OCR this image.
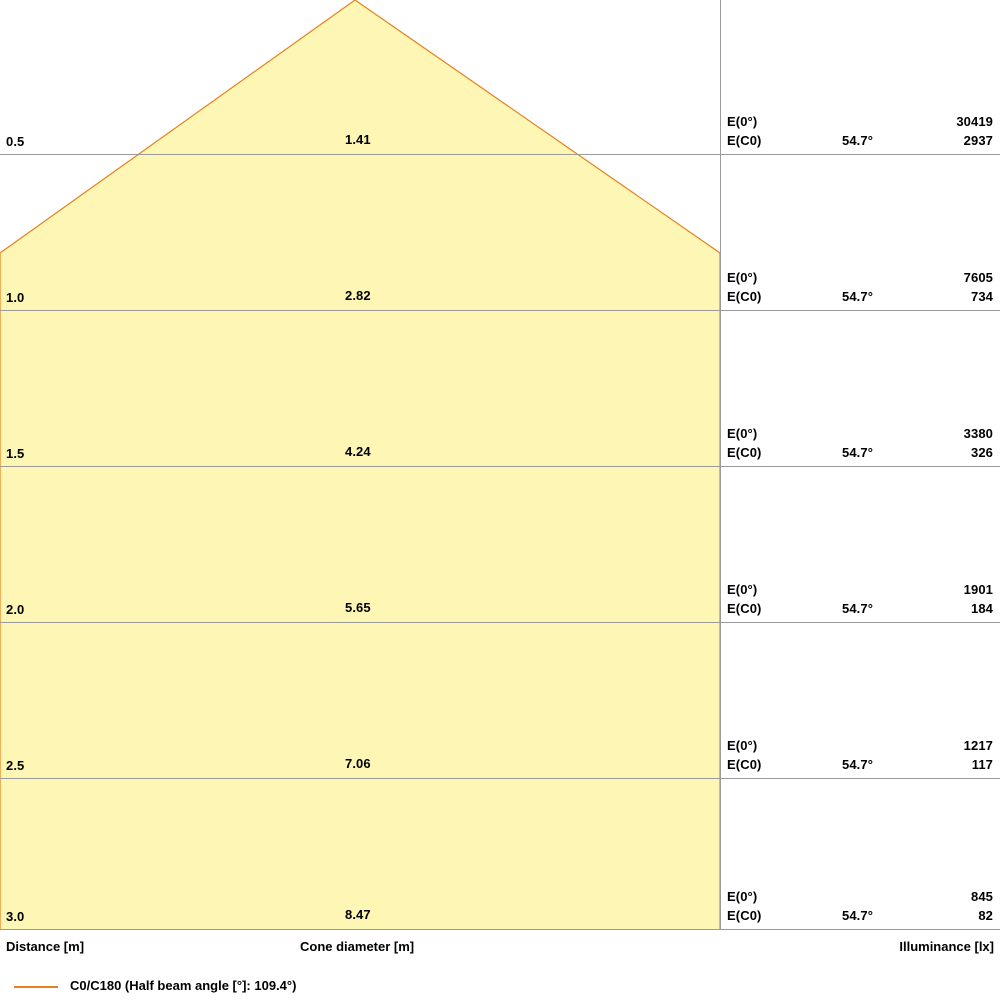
0.5	1.41
E(0°)	30419
E(C0)	54.7°	2937
1.0	2.82
E(0°)	7605
E(C0)	54.7°	734
1.5	4.24
E(0°)	3380
E(C0)	54.7°	326
2.0	5.65
E(0°)	1901
E(C0)	54.7°	184
2.5	7.06
E(0°)	1217
E(C0)	54.7°	117
3.0	8.47
E(0°)	845
E(C0)	54.7°	82
Distance [m]	Cone diameter [m]	Illuminance [lx]
C0/C180 (Half beam angle [°]: 109.4°)
